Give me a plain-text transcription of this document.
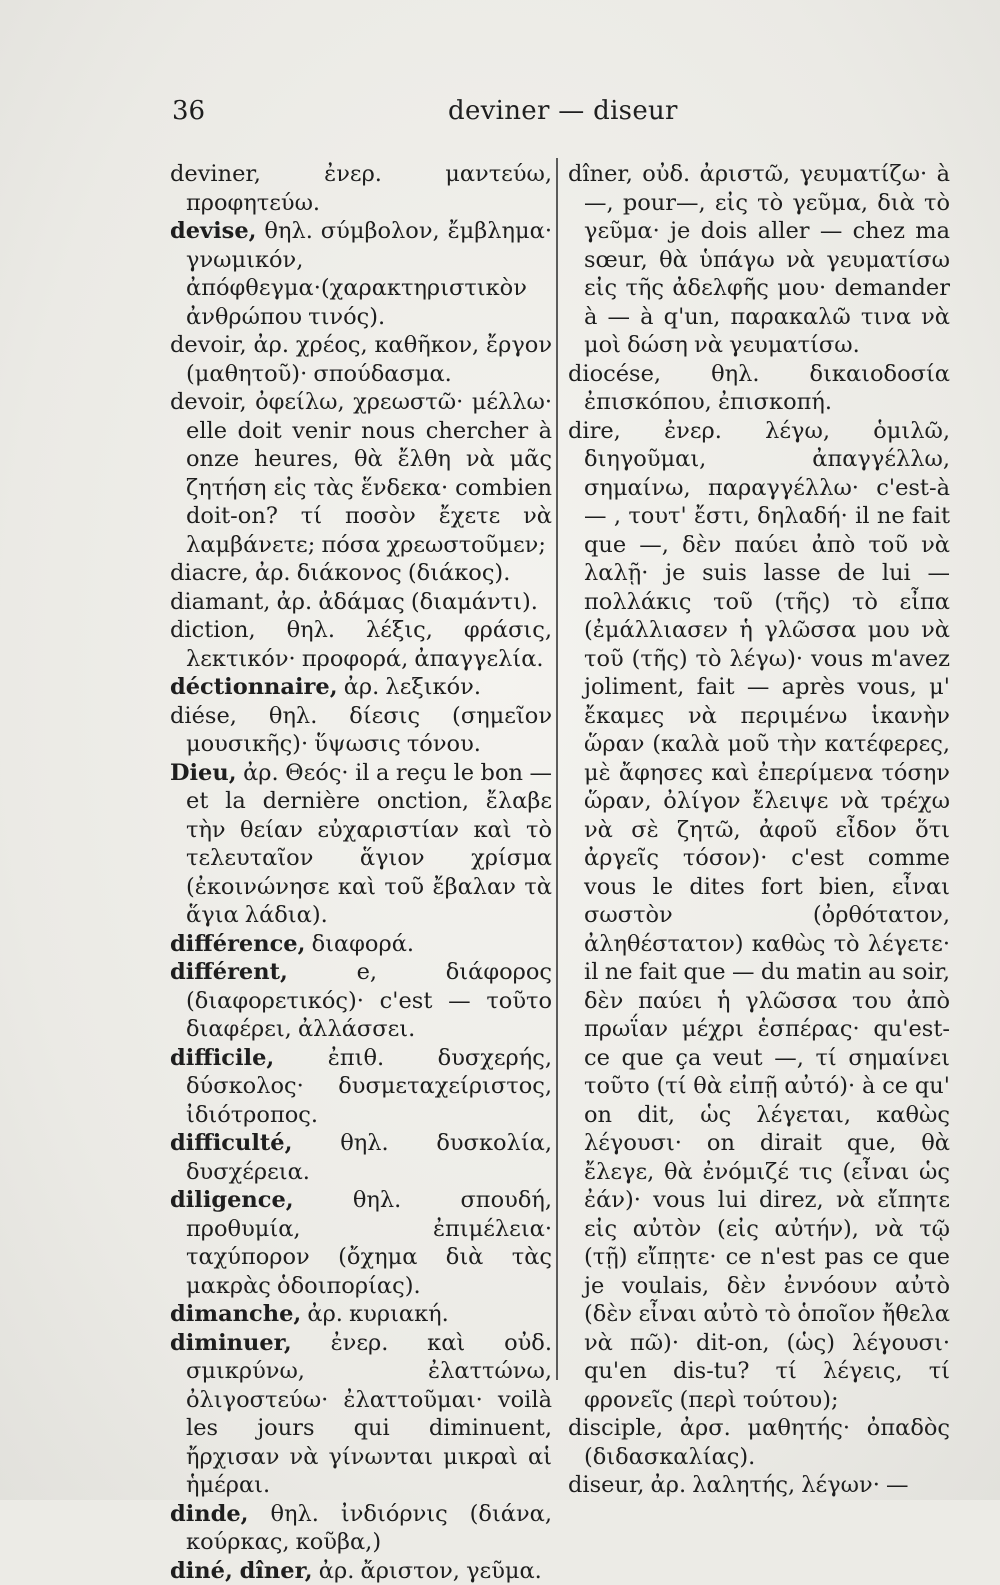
36	deviner — diseur

deviner,	ἐνερ. μαντεύω, προφητεύω.

devise, θηλ. σύμβολον, ἔμβλημα· γνωμικόν, ἀπόφθεγμα·(χαρακτηριστικὸν ἀνθρώπου τινός).

devoir, ἀρ. χρέος, καθῆκον, ἔργον (μαθητοῦ)· σπούδασμα.

devoir, ὀφείλω, χρεωστῶ· μέλλω· elle doit venir nous chercher à onze heures, θὰ ἔλθη νὰ μᾶς ζητήση εἰς τὰς ἕνδεκα· combien doit-on? τί ποσὸν ἔχετε νὰ λαμβάνετε; πόσα χρεωστοῦμεν;

diacre, ἀρ. διάκονος (διάκος).

diamant, ἀρ. ἀδάμας (διαμάντι).

diction, θηλ. λέξις, φράσις, λεκτικόν· προφορά, ἀπαγγελία.

déctionnaire, ἀρ. λεξικόν.

diése, θηλ. δίεσις (σημεῖον μουσικῆς)· ὕψωσις τόνου.

Dieu, ἀρ. Θεός· il a reçu le bon — et la dernière onction, ἔλαβε τὴν θείαν εὐχαριστίαν καὶ τὸ τελευταῖον ἅγιον χρίσμα (ἐκοινώνησε καὶ τοῦ ἔβαλαν τὰ ἅγια λάδια).

différence, διαφορά.

différent,	e, διάφορος (διαφορετικός)· c'est — τοῦτο διαφέρει, ἀλλάσσει.

difficile, ἐπιθ. δυσχερής, δύσκολος· δυσμεταχείριστος, ἰδιότροπος.

difficulté, θηλ. δυσκολία, δυσχέρεια.

diligence,	θηλ. σπουδή, προθυμία, ἐπιμέλεια· ταχύπορον (ὄχημα διὰ τὰς μακρὰς ὁδοιπορίας).

dimanche, ἀρ. κυριακή.

diminuer, ἐνερ. καὶ οὐδ. σμικρύνω, ἐλαττώνω, ὀλιγοστεύω· ἐλαττοῦμαι· voilà les jours qui diminuent, ἤρχισαν νὰ γίνωνται μικραὶ αἱ ἡμέραι.

dinde, θηλ. ἰνδιόρνις (διάνα, κούρκας, κοῦβα,)

diné, dîner, ἀρ. ἄριστον, γεῦμα.

dîner, οὐδ. ἀριστῶ, γευματίζω· à —, pour—, εἰς τὸ γεῦμα, διὰ τὸ γεῦμα· je dois aller — chez ma sœur, θὰ ὑπάγω νὰ γευματίσω εἰς τῆς ἀδελφῆς μου· demander à — à q'un, παρακαλῶ τινα νὰ μοὶ δώση νὰ γευματίσω.

diocése, θηλ. δικαιοδοσία ἐπισκόπου, ἐπισκοπή.

dire, ἐνερ. λέγω, ὁμιλῶ, διηγοῦμαι, ἀπαγγέλλω, σημαίνω, παραγγέλλω· c'est-à — , τουτ' ἔστι, δηλαδή· il ne fait que —, δὲν παύει ἀπὸ τοῦ νὰ λαλῇ· je suis lasse de lui — πολλάκις τοῦ (τῆς) τὸ εἶπα (ἐμάλλιασεν ἡ γλῶσσα μου νὰ τοῦ (τῆς) τὸ λέγω)· vous m'avez joliment, fait — après vous, μ' ἔκαμες νὰ περιμένω ἱκανὴν ὥραν (καλὰ μοῦ τὴν κατέφερες, μὲ ἄφησες καὶ ἐπερίμενα τόσην ὥραν, ὀλίγον ἔλειψε νὰ τρέχω νὰ σὲ ζητῶ, ἀφοῦ εἶδον ὅτι ἀργεῖς τόσον)· c'est comme vous le dites fort bien, εἶναι σωστὸν (ὀρθότατον, ἀληθέστατον) καθὼς τὸ λέγετε· il ne fait que — du matin au soir, δὲν παύει ἡ γλῶσσα του ἀπὸ πρωΐαν μέχρι ἑσπέρας· qu'est-ce que ça veut —, τί σημαίνει τοῦτο (τί θὰ εἰπῇ αὐτό)· à ce qu' on dit, ὡς λέγεται, καθὼς λέγουσι· on dirait que, θὰ ἔλεγε, θὰ ἐνόμιζέ τις (εἶναι ὡς ἐάν)· vous lui direz, νὰ εἴπητε εἰς αὐτὸν (εἰς αὐτήν), νὰ τῷ (τῇ) εἴπῃτε· ce n'est pas ce que je voulais, δὲν ἐννόουν αὐτὸ (δὲν εἶναι αὐτὸ τὸ ὁποῖον ἤθελα νὰ πῶ)· dit-on, (ὡς) λέγουσι· qu'en dis-tu? τί λέγεις, τί φρονεῖς (περὶ τούτου);

disciple, ἀρσ. μαθητής· ὀπαδὸς (διδασκαλίας).

diseur, ἀρ. λαλητής, λέγων· —
